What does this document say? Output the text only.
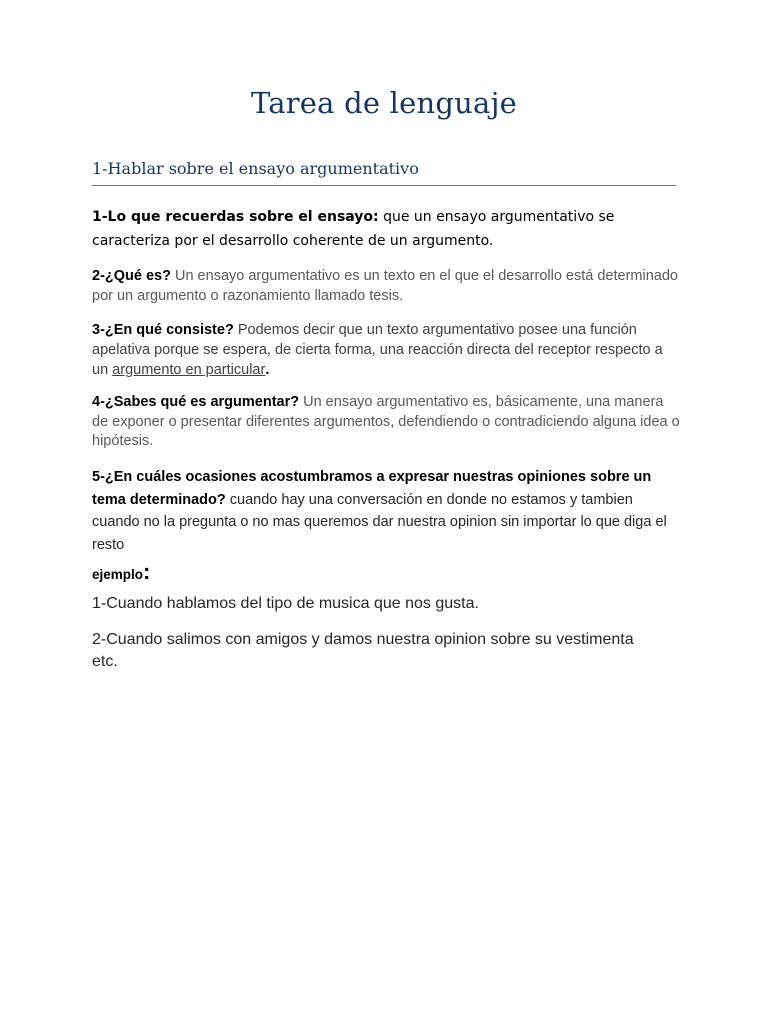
Tarea de lenguaje
1-Hablar sobre el ensayo argumentativo

1-Lo que recuerdas sobre el ensayo: que un ensayo argumentativo se caracteriza por el desarrollo coherente de un argumento.

2-¿Qué es? Un ensayo argumentativo es un texto en el que el desarrollo está determinado por un argumento o razonamiento llamado tesis.

3-¿En qué consiste? Podemos decir que un texto argumentativo posee una función apelativa porque se espera, de cierta forma, una reacción directa del receptor respecto a un argumento en particular.

4-¿Sabes qué es argumentar? Un ensayo argumentativo es, básicamente, una manera de exponer o presentar diferentes argumentos, defendiendo o contradiciendo alguna idea o hipótesis.

5-¿En cuáles ocasiones acostumbramos a expresar nuestras opiniones sobre un tema determinado? cuando hay una conversación en donde no estamos y tambien cuando no la pregunta o no mas queremos dar nuestra opinion sin importar lo que diga el resto

ejemplo:
1-Cuando hablamos del tipo de musica que nos gusta.

2-Cuando salimos con amigos y damos nuestra opinion sobre su vestimenta etc.
